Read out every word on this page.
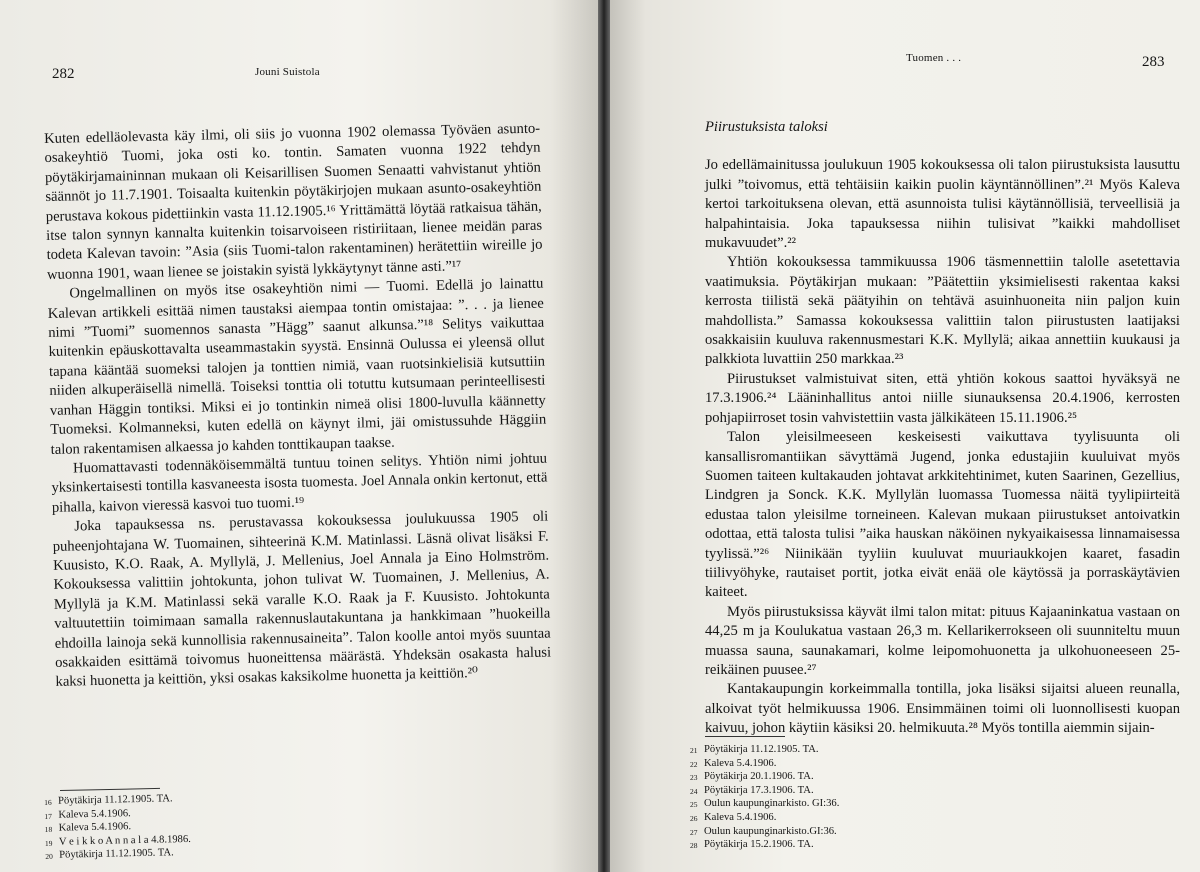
282	Jouni Suistola

Kuten edelläolevasta käy ilmi, oli siis jo vuonna 1902 olemassa Työväen asunto-osakeyhtiö Tuomi, joka osti ko. tontin. Samaten vuonna 1922 tehdyn pöytäkirjamaininnan mukaan oli Keisarillisen Suomen Senaatti vahvistanut yhtiön säännöt jo 11.7.1901. Toisaalta kuitenkin pöytäkirjojen mukaan asunto-osakeyhtiön perustava kokous pidettiinkin vasta 11.12.1905.¹⁶ Yrittämättä löytää ratkaisua tähän, itse talon synnyn kannalta kuitenkin toisarvoiseen ristiriitaan, lienee meidän paras todeta Kalevan tavoin: ”Asia (siis Tuomi-talon rakentaminen) herätettiin wireille jo wuonna 1901, waan lienee se joistakin syistä lykkäytynyt tänne asti.”¹⁷

Ongelmallinen on myös itse osakeyhtiön nimi — Tuomi. Edellä jo lainattu Kalevan artikkeli esittää nimen taustaksi aiempaa tontin omistajaa: ”. . . ja lienee nimi ”Tuomi” suomennos sanasta ”Hägg” saanut alkunsa.”¹⁸ Selitys vaikuttaa kuitenkin epäuskottavalta useammastakin syystä. Ensinnä Oulussa ei yleensä ollut tapana kääntää suomeksi talojen ja tonttien nimiä, vaan ruotsinkielisiä kutsuttiin niiden alkuperäisellä nimellä. Toiseksi tonttia oli totuttu kutsumaan perinteellisesti vanhan Häggin tontiksi. Miksi ei jo tontinkin nimeä olisi 1800-luvulla käännetty Tuomeksi. Kolmanneksi, kuten edellä on käynyt ilmi, jäi omistussuhde Häggiin talon rakentamisen alkaessa jo kahden tonttikaupan taakse.

Huomattavasti todennäköisemmältä tuntuu toinen selitys. Yhtiön nimi johtuu yksinkertaisesti tontilla kasvaneesta isosta tuomesta. Joel Annala onkin kertonut, että pihalla, kaivon vieressä kasvoi tuo tuomi.¹⁹

Joka tapauksessa ns. perustavassa kokouksessa joulukuussa 1905 oli puheenjohtajana W. Tuomainen, sihteerinä K.M. Matinlassi. Läsnä olivat lisäksi F. Kuusisto, K.O. Raak, A. Myllylä, J. Mellenius, Joel Annala ja Eino Holmström. Kokouksessa valittiin johtokunta, johon tulivat W. Tuomainen, J. Mellenius, A. Myllylä ja K.M. Matinlassi sekä varalle K.O. Raak ja F. Kuusisto. Johtokunta valtuutettiin toimimaan samalla rakennuslautakuntana ja hankkimaan ”huokeilla ehdoilla lainoja sekä kunnollisia rakennusaineita”. Talon koolle antoi myös suuntaa osakkaiden esittämä toivomus huoneittensa määrästä. Yhdeksän osakasta halusi kaksi huonetta ja keittiön, yksi osakas kaksikolme huonetta ja keittiön.²⁰

16 Pöytäkirja 11.12.1905. TA.
17 Kaleva 5.4.1906.
18 Kaleva 5.4.1906.
19 V e i k k o A n n a l a 4.8.1986.
20 Pöytäkirja 11.12.1905. TA.
Tuomen . . .	283
Piirustuksista taloksi

Jo edellämainitussa joulukuun 1905 kokouksessa oli talon piirustuksista lausuttu julki ”toivomus, että tehtäisiin kaikin puolin käyntännöllinen”.²¹ Myös Kaleva kertoi tarkoituksena olevan, että asunnoista tulisi käytännöllisiä, terveellisiä ja halpahintaisia. Joka tapauksessa niihin tulisivat ”kaikki mahdolliset mukavuudet”.²²

Yhtiön kokouksessa tammikuussa 1906 täsmennettiin talolle asetettavia vaatimuksia. Pöytäkirjan mukaan: ”Päätettiin yksimielisesti rakentaa kaksi kerrosta tiilistä sekä päätyihin on tehtävä asuinhuoneita niin paljon kuin mahdollista.” Samassa kokouksessa valittiin talon piirustusten laatijaksi osakkaisiin kuuluva rakennusmestari K.K. Myllylä; aikaa annettiin kuukausi ja palkkiota luvattiin 250 markkaa.²³

Piirustukset valmistuivat siten, että yhtiön kokous saattoi hyväksyä ne 17.3.1906.²⁴ Lääninhallitus antoi niille siunauksensa 20.4.1906, kerrosten pohjapiirroset tosin vahvistettiin vasta jälkikäteen 15.11.1906.²⁵

Talon yleisilmeeseen keskeisesti vaikuttava tyylisuunta oli kansallisromantiikan sävyttämä Jugend, jonka edustajiin kuuluivat myös Suomen taiteen kultakauden johtavat arkkitehtinimet, kuten Saarinen, Gezellius, Lindgren ja Sonck. K.K. Myllylän luomassa Tuomessa näitä tyylipiirteitä edustaa talon yleisilme torneineen. Kalevan mukaan piirustukset antoivatkin odottaa, että talosta tulisi ”aika hauskan näköinen nykyaikaisessa linnamaisessa tyylissä.”²⁶ Niinikään tyyliin kuuluvat muuriaukkojen kaaret, fasadin tiilivyöhyke, rautaiset portit, jotka eivät enää ole käytössä ja porraskäytävien kaiteet.

Myös piirustuksissa käyvät ilmi talon mitat: pituus Kajaaninkatua vastaan on 44,25 m ja Koulukatua vastaan 26,3 m. Kellarikerrokseen oli suunniteltu muun muassa sauna, saunakamari, kolme leipomohuonetta ja ulkohuoneeseen 25-reikäinen puusee.²⁷

Kantakaupungin korkeimmalla tontilla, joka lisäksi sijaitsi alueen reunalla, alkoivat työt helmikuussa 1906. Ensimmäinen toimi oli luonnollisesti kuopan kaivuu, johon käytiin käsiksi 20. helmikuuta.²⁸ Myös tontilla aiemmin sijain-

21 Pöytäkirja 11.12.1905. TA.
22 Kaleva 5.4.1906.
23 Pöytäkirja 20.1.1906. TA.
24 Pöytäkirja 17.3.1906. TA.
25 Oulun kaupunginarkisto. GI:36.
26 Kaleva 5.4.1906.
27 Oulun kaupunginarkisto.GI:36.
28 Pöytäkirja 15.2.1906. TA.
